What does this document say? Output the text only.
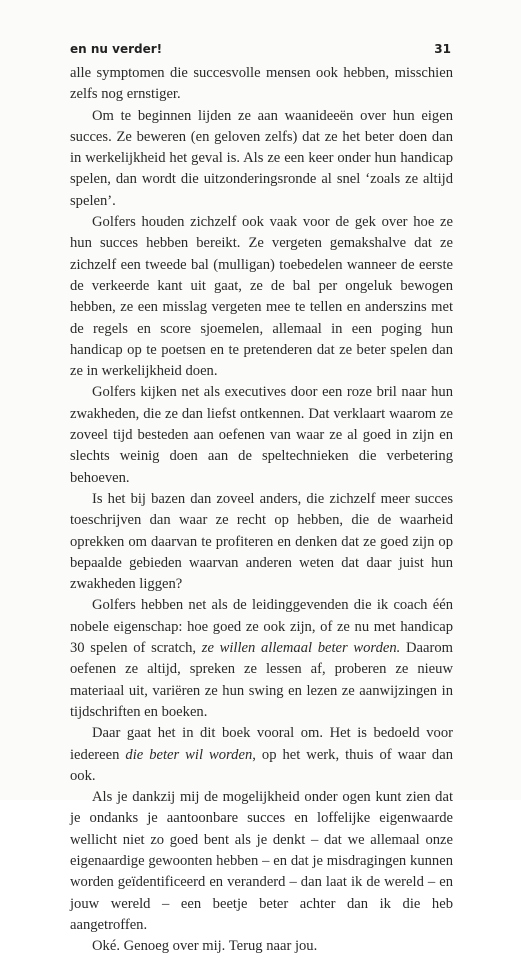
en nu verder!	31

alle symptomen die succesvolle mensen ook hebben, misschien zelfs nog ernstiger.

Om te beginnen lijden ze aan waanideeën over hun eigen succes. Ze beweren (en geloven zelfs) dat ze het beter doen dan in werkelijkheid het geval is. Als ze een keer onder hun handicap spelen, dan wordt die uitzonderingsronde al snel ‘zoals ze altijd spelen’.

Golfers houden zichzelf ook vaak voor de gek over hoe ze hun succes hebben bereikt. Ze vergeten gemakshalve dat ze zichzelf een tweede bal (mulligan) toebedelen wanneer de eerste de verkeerde kant uit gaat, ze de bal per ongeluk bewogen hebben, ze een misslag vergeten mee te tellen en anderszins met de regels en score sjoemelen, allemaal in een poging hun handicap op te poetsen en te pretenderen dat ze beter spelen dan ze in werkelijkheid doen.

Golfers kijken net als executives door een roze bril naar hun zwakheden, die ze dan liefst ontkennen. Dat verklaart waarom ze zoveel tijd besteden aan oefenen van waar ze al goed in zijn en slechts weinig doen aan de speltechnieken die verbetering behoeven.

Is het bij bazen dan zoveel anders, die zichzelf meer succes toeschrijven dan waar ze recht op hebben, die de waarheid oprekken om daarvan te profiteren en denken dat ze goed zijn op bepaalde gebieden waarvan anderen weten dat daar juist hun zwakheden liggen?

Golfers hebben net als de leidinggevenden die ik coach één nobele eigenschap: hoe goed ze ook zijn, of ze nu met handicap 30 spelen of scratch, ze willen allemaal beter worden. Daarom oefenen ze altijd, spreken ze lessen af, proberen ze nieuw materiaal uit, variëren ze hun swing en lezen ze aanwijzingen in tijdschriften en boeken.

Daar gaat het in dit boek vooral om. Het is bedoeld voor iedereen die beter wil worden, op het werk, thuis of waar dan ook.

Als je dankzij mij de mogelijkheid onder ogen kunt zien dat je ondanks je aantoonbare succes en loffelijke eigenwaarde wellicht niet zo goed bent als je denkt – dat we allemaal onze eigenaardige gewoonten hebben – en dat je misdragingen kunnen worden geïdentificeerd en veranderd – dan laat ik de wereld – en jouw wereld – een beetje beter achter dan ik die heb aangetroffen.

Oké. Genoeg over mij. Terug naar jou.
